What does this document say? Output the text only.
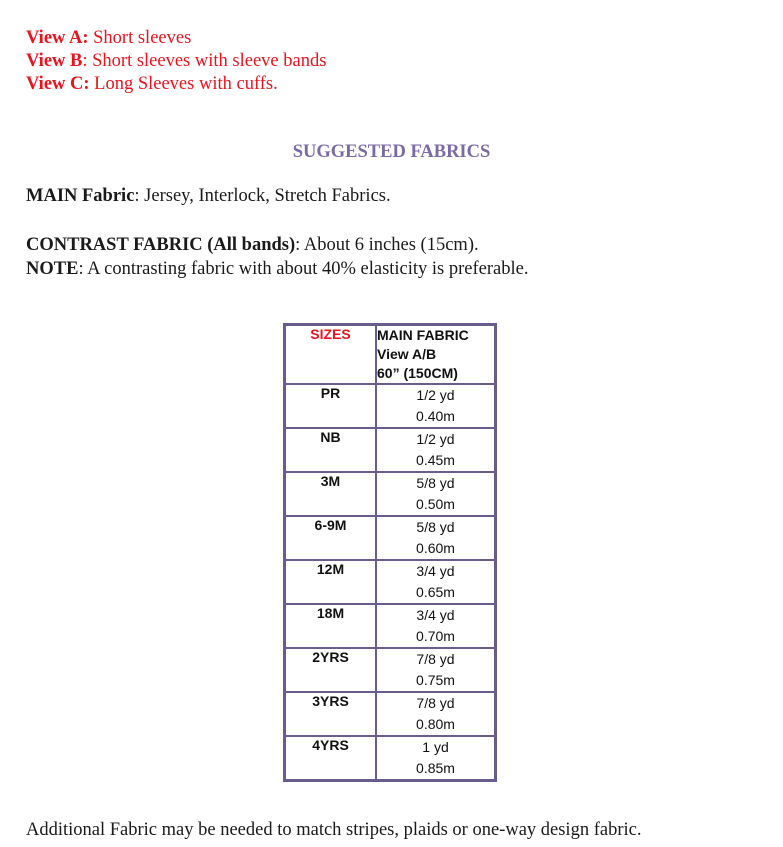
View A: Short sleeves
View B: Short sleeves with sleeve bands
View C: Long Sleeves with cuffs.
SUGGESTED FABRICS
MAIN Fabric: Jersey, Interlock, Stretch Fabrics.
CONTRAST FABRIC (All bands): About 6 inches (15cm).
NOTE: A contrasting fabric with about 40% elasticity is preferable.
SIZES	MAIN FABRIC
View A/B
60” (150CM)

PR	1/2 yd
0.40m

NB	1/2 yd
0.45m

3M	5/8 yd
0.50m

6-9M	5/8 yd
0.60m

12M	3/4 yd
0.65m

18M	3/4 yd
0.70m

2YRS	7/8 yd
0.75m

3YRS	7/8 yd
0.80m

4YRS	1 yd
0.85m
Additional Fabric may be needed to match stripes, plaids or one-way design fabric.
